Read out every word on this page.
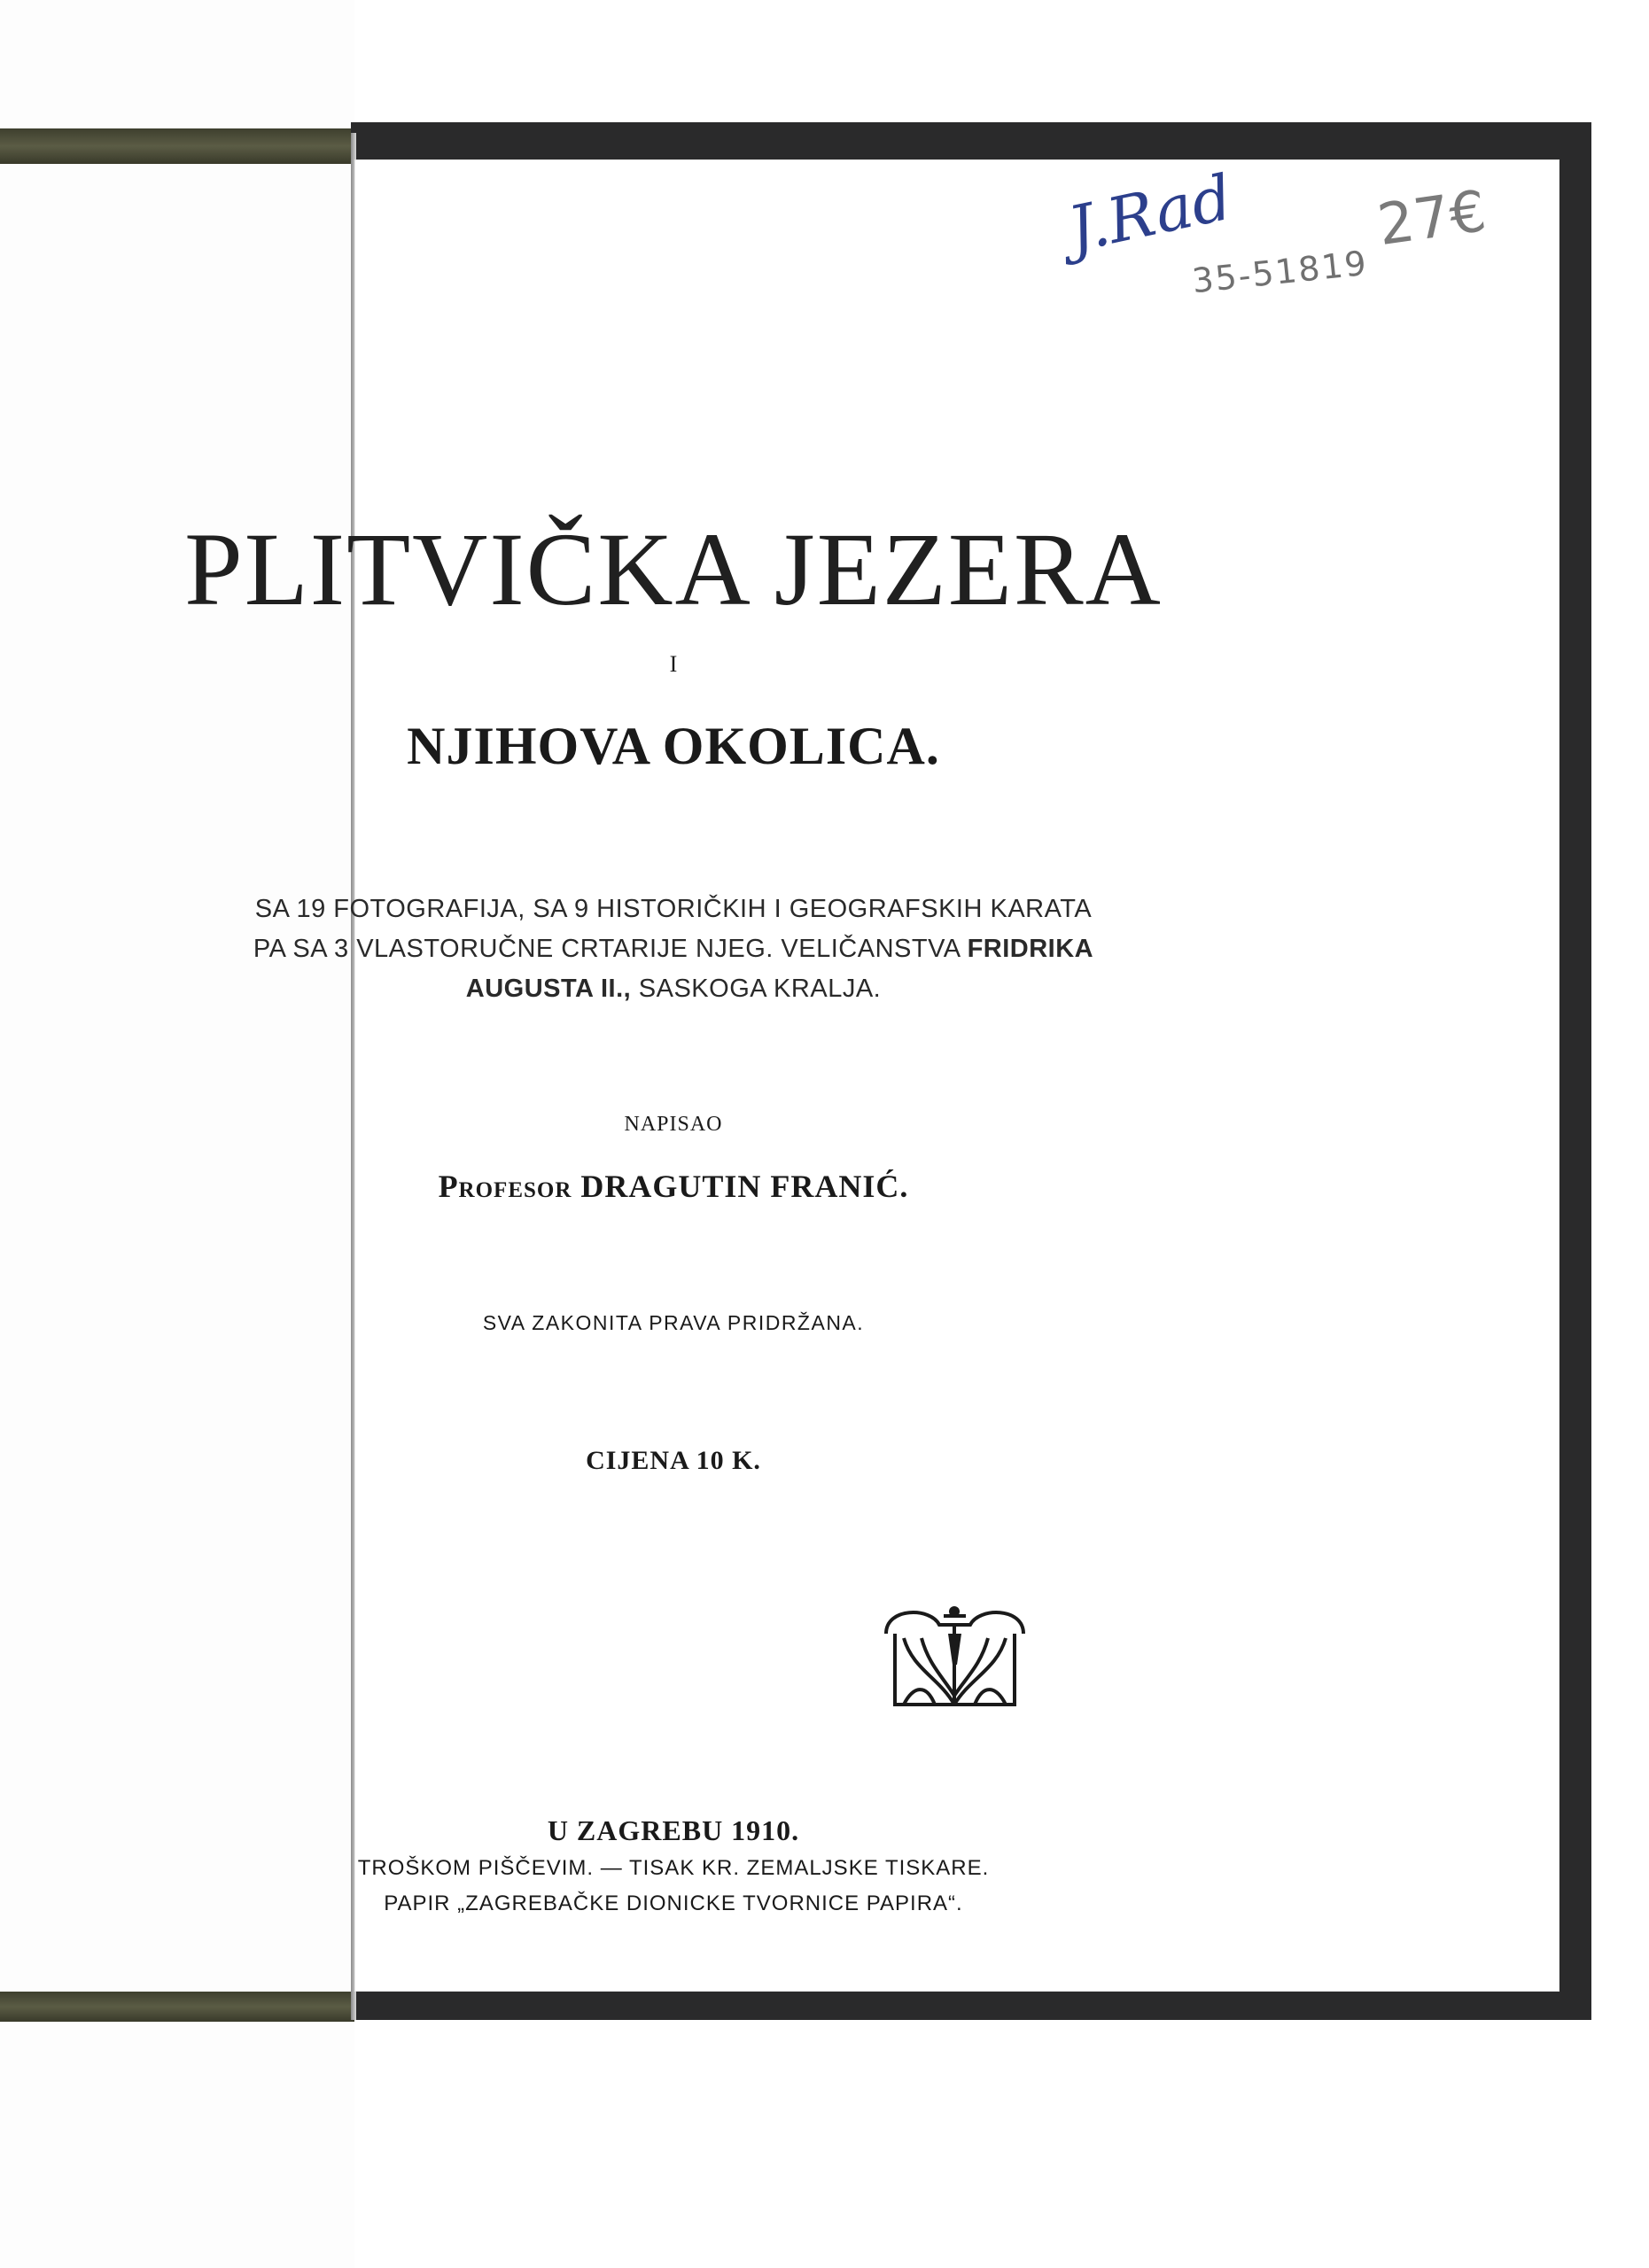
J.Rad 27€
35-51819
PLITVIČKA JEZERA
I
NJIHOVA OKOLICA.
SA 19 FOTOGRAFIJA, SA 9 HISTORIČKIH I GEOGRAFSKIH KARATA
PA SA 3 VLASTORUČNE CRTARIJE NJEG. VELIČANSTVA FRIDRIKA
AUGUSTA II., SASKOGA KRALJA.
NAPISAO
Profesor DRAGUTIN FRANIĆ.
SVA ZAKONITA PRAVA PRIDRŽANA.
CIJENA 10 K.
U ZAGREBU 1910.
TROŠKOM PIŠČEVIM. — TISAK KR. ZEMALJSKE TISKARE.
PAPIR „ZAGREBAČKE DIONICKE TVORNICE PAPIRA“.
